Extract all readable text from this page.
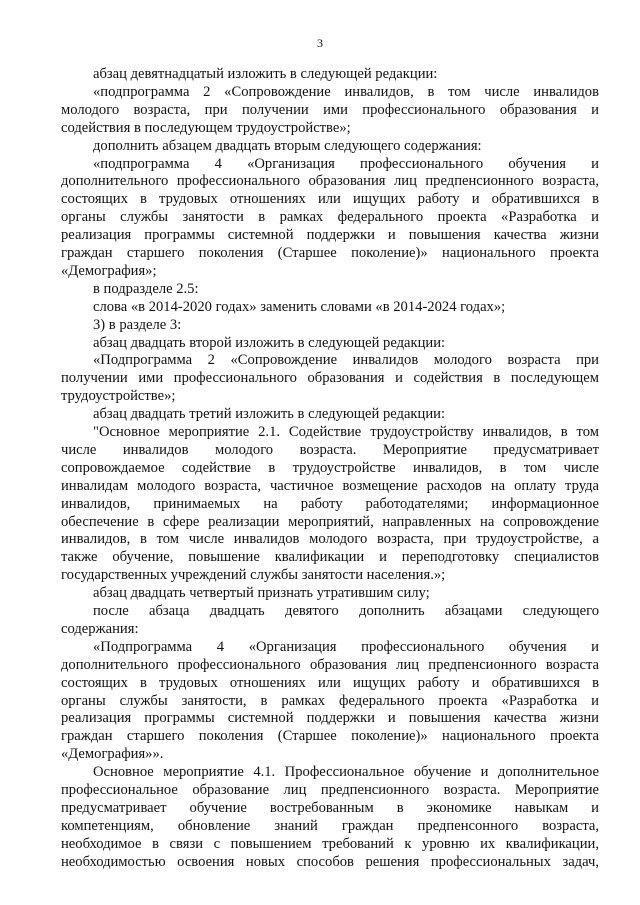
3
абзац девятнадцатый изложить в следующей редакции:
«подпрограмма 2 «Сопровождение инвалидов, в том числе инвалидов
молодого возраста, при получении ими профессионального образования и
содействия в последующем трудоустройстве»;
дополнить абзацем двадцать вторым следующего содержания:
«подпрограмма 4 «Организация профессионального обучения и
дополнительного профессионального образования лиц предпенсионного возраста,
состоящих в трудовых отношениях или ищущих работу и обратившихся в
органы службы занятости в рамках федерального проекта «Разработка и
реализация программы системной поддержки и повышения качества жизни
граждан старшего поколения (Старшее поколение)» национального проекта
«Демография»;
в подразделе 2.5:
слова «в 2014-2020 годах» заменить словами «в 2014-2024 годах»;
3) в разделе 3:
абзац двадцать второй изложить в следующей редакции:
«Подпрограмма 2 «Сопровождение инвалидов молодого возраста при
получении ими профессионального образования и содействия в последующем
трудоустройстве»;
абзац двадцать третий изложить в следующей редакции:
"Основное мероприятие 2.1. Содействие трудоустройству инвалидов, в том
числе инвалидов молодого возраста. Мероприятие предусматривает
сопровождаемое содействие в трудоустройстве инвалидов, в том числе
инвалидам молодого возраста, частичное возмещение расходов на оплату труда
инвалидов, принимаемых на работу работодателями; информационное
обеспечение в сфере реализации мероприятий, направленных на сопровождение
инвалидов, в том числе инвалидов молодого возраста, при трудоустройстве, а
также обучение, повышение квалификации и переподготовку специалистов
государственных учреждений службы занятости населения.»;
абзац двадцать четвертый признать утратившим силу;
после абзаца двадцать девятого дополнить абзацами следующего
содержания:
«Подпрограмма 4 «Организация профессионального обучения и
дополнительного профессионального образования лиц предпенсионного возраста
состоящих в трудовых отношениях или ищущих работу и обратившихся в
органы службы занятости, в рамках федерального проекта «Разработка и
реализация программы системной поддержки и повышения качества жизни
граждан старшего поколения (Старшее поколение)» национального проекта
«Демография»».
Основное мероприятие 4.1. Профессиональное обучение и дополнительное
профессиональное образование лиц предпенсионного возраста. Мероприятие
предусматривает обучение востребованным в экономике навыкам и
компетенциям, обновление знаний граждан предпенсонного возраста,
необходимое в связи с повышением требований к уровню их квалификации,
необходимостью освоения новых способов решения профессиональных задач,
